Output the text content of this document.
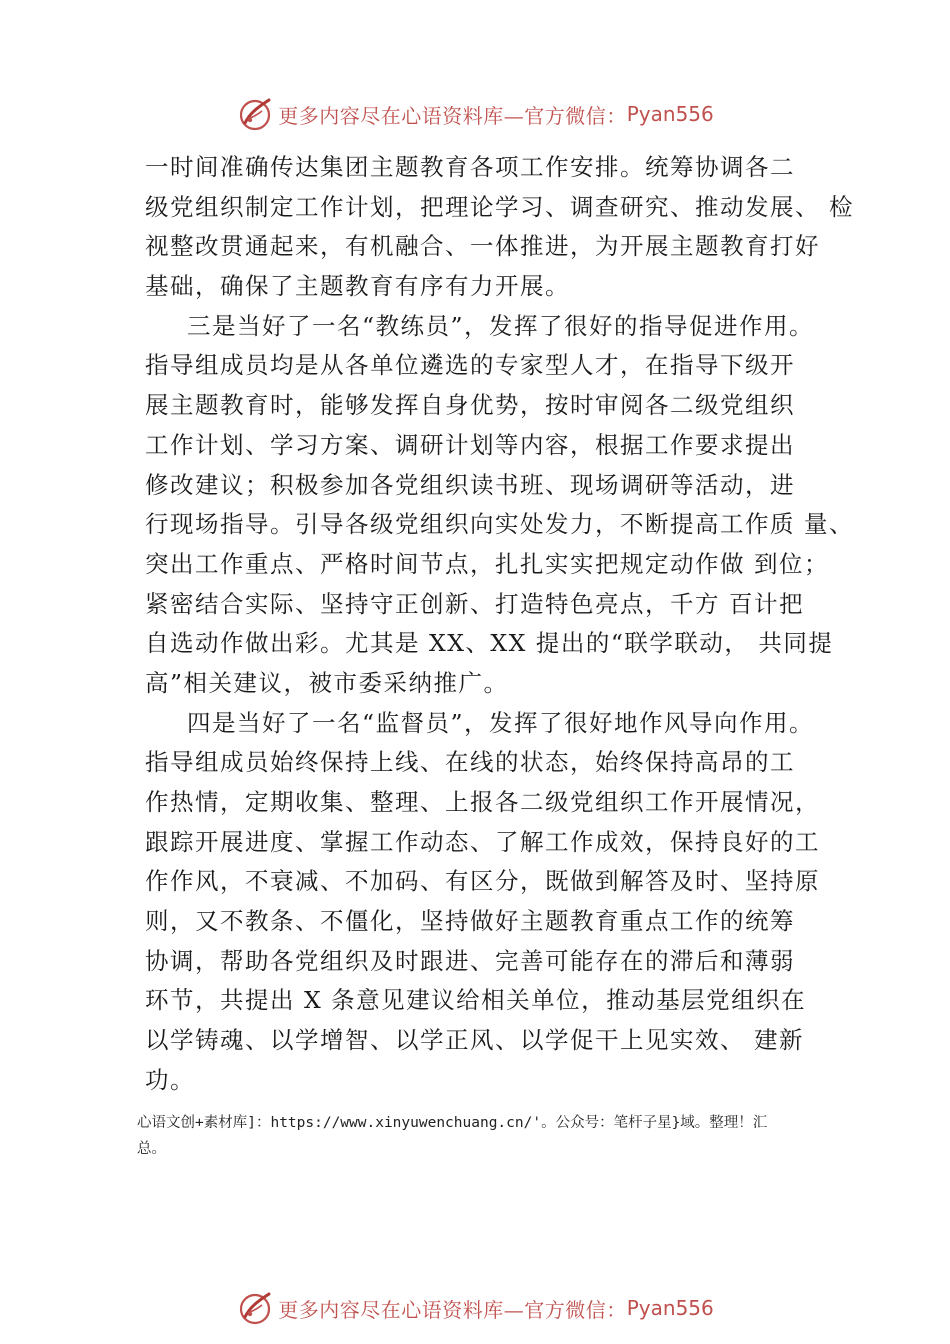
更多内容尽在心语资料库—官方微信： Pyan556
一时间准确传达集团主题教育各项工作安排。统筹协调各二
级党组织制定工作计划，把理论学习、调查研究、推动发展、 检
视整改贯通起来，有机融合、一体推进，为开展主题教育打好
基础，确保了主题教育有序有力开展。
三是当好了一名“教练员”，发挥了很好的指导促进作用。
指导组成员均是从各单位遴选的专家型人才，在指导下级开
展主题教育时，能够发挥自身优势，按时审阅各二级党组织
工作计划、学习方案、调研计划等内容，根据工作要求提出
修改建议；积极参加各党组织读书班、现场调研等活动，进
行现场指导。引导各级党组织向实处发力，不断提高工作质 量、
突出工作重点、严格时间节点，扎扎实实把规定动作做 到位；
紧密结合实际、坚持守正创新、打造特色亮点，千方 百计把
自选动作做出彩。尤其是 XX、XX 提出的“联学联动， 共同提
高”相关建议，被市委采纳推广。
四是当好了一名“监督员”，发挥了很好地作风导向作用。
指导组成员始终保持上线、在线的状态，始终保持高昂的工
作热情，定期收集、整理、上报各二级党组织工作开展情况，
跟踪开展进度、掌握工作动态、了解工作成效，保持良好的工
作作风，不衰减、不加码、有区分，既做到解答及时、坚持原
则，又不教条、不僵化，坚持做好主题教育重点工作的统筹
协调，帮助各党组织及时跟进、完善可能存在的滞后和薄弱
环节，共提出 X 条意见建议给相关单位，推动基层党组织在
以学铸魂、以学增智、以学正风、以学促干上见实效、 建新
功。
心语文创+素材库]：https://www.xinyuwenchuang.cn/'。公众号：笔杆子星}域。整理！汇
总。
更多内容尽在心语资料库—官方微信： Pyan556
